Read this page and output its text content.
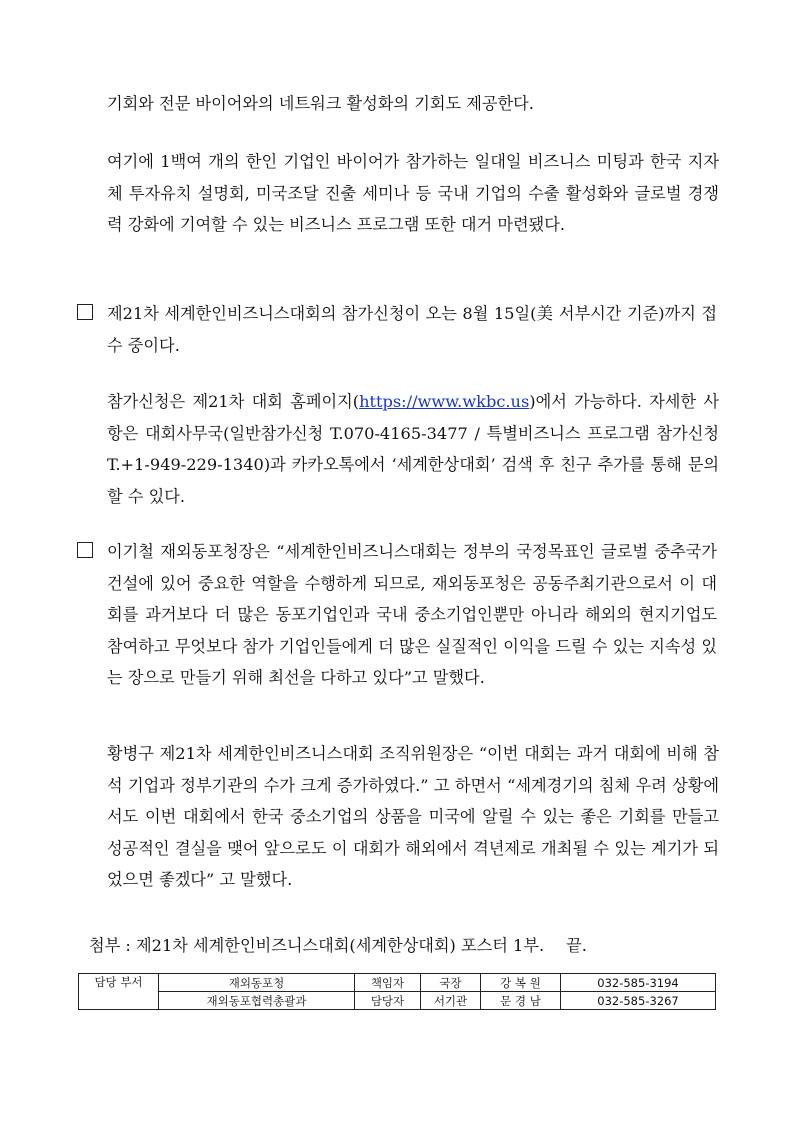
기회와 전문 바이어와의 네트워크 활성화의 기회도 제공한다.

여기에 1백여 개의 한인 기업인 바이어가 참가하는 일대일 비즈니스 미팅과 한국 지자체 투자유치 설명회, 미국조달 진출 세미나 등 국내 기업의 수출 활성화와 글로벌 경쟁력 강화에 기여할 수 있는 비즈니스 프로그램 또한 대거 마련됐다.

제21차 세계한인비즈니스대회의 참가신청이 오는 8월 15일(美 서부시간 기준)까지 접수 중이다.

참가신청은 제21차 대회 홈페이지(https://www.wkbc.us)에서 가능하다. 자세한 사항은 대회사무국(일반참가신청 T.070-4165-3477 / 특별비즈니스 프로그램 참가신청 T.+1-949-229-1340)과 카카오톡에서 ‘세계한상대회’ 검색 후 친구 추가를 통해 문의할 수 있다.

이기철 재외동포청장은 “세계한인비즈니스대회는 정부의 국정목표인 글로벌 중추국가 건설에 있어 중요한 역할을 수행하게 되므로, 재외동포청은 공동주최기관으로서 이 대회를 과거보다 더 많은 동포기업인과 국내 중소기업인뿐만 아니라 해외의 현지기업도 참여하고 무엇보다 참가 기업인들에게 더 많은 실질적인 이익을 드릴 수 있는 지속성 있는 장으로 만들기 위해 최선을 다하고 있다”고 말했다.

황병구 제21차 세계한인비즈니스대회 조직위원장은 “이번 대회는 과거 대회에 비해 참석 기업과 정부기관의 수가 크게 증가하였다.” 고 하면서 “세계경기의 침체 우려 상황에서도 이번 대회에서 한국 중소기업의 상품을 미국에 알릴 수 있는 좋은 기회를 만들고 성공적인 결실을 맺어 앞으로도 이 대회가 해외에서 격년제로 개최될 수 있는 계기가 되었으면 좋겠다” 고 말했다.

첨부 : 제21차 세계한인비즈니스대회(세계한상대회) 포스터 1부. 끝.
담당 부서	재외동포청	책임자	국장	강 복 원	032-585-3194
	재외동포협력총괄과	담당자	서기관	문 경 남	032-585-3267
